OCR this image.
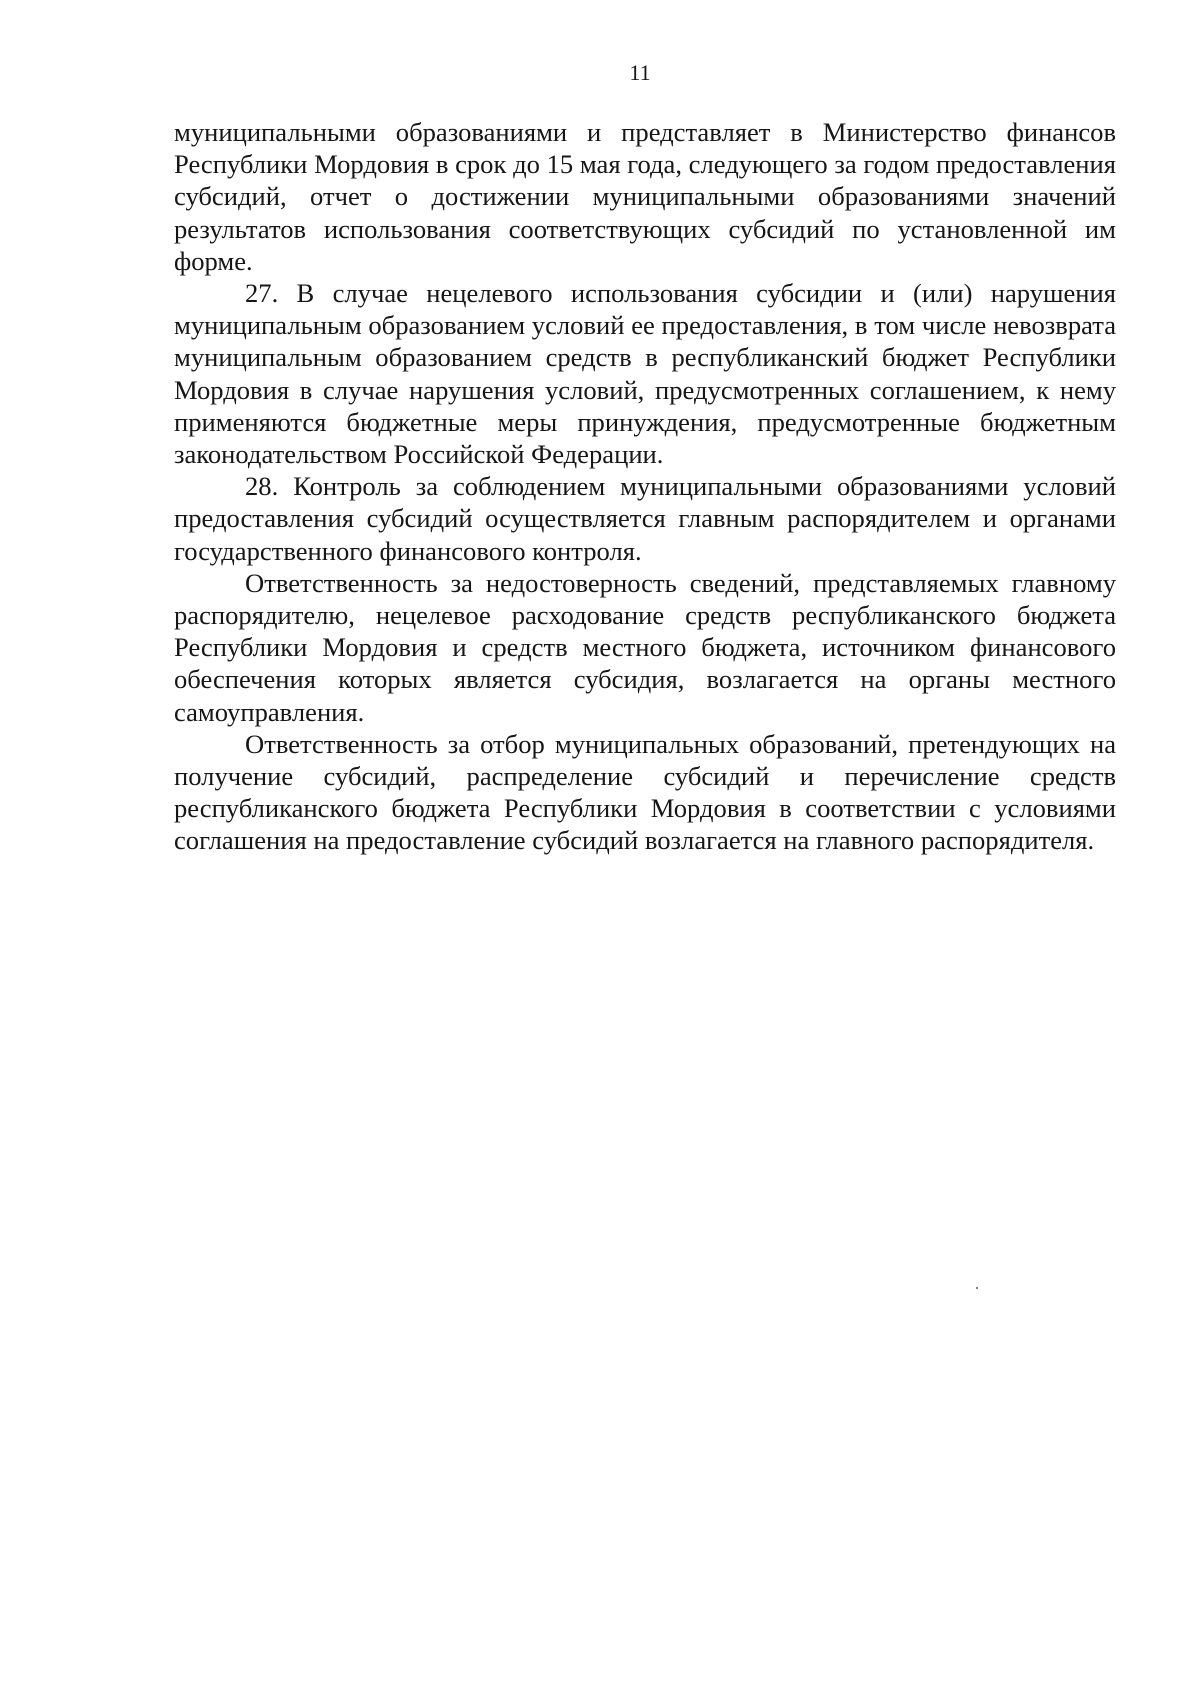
11

муниципальными образованиями и представляет в Министерство финансов Республики Мордовия в срок до 15 мая года, следующего за годом предоставления субсидий, отчет о достижении муниципальными образованиями значений результатов использования соответствующих субсидий по установленной им форме.

27. В случае нецелевого использования субсидии и (или) нарушения муниципальным образованием условий ее предоставления, в том числе невозврата муниципальным образованием средств в республиканский бюджет Республики Мордовия в случае нарушения условий, предусмотренных соглашением, к нему применяются бюджетные меры принуждения, предусмотренные бюджетным законодательством Российской Федерации.

28. Контроль за соблюдением муниципальными образованиями условий предоставления субсидий осуществляется главным распорядителем и органами государственного финансового контроля.

Ответственность за недостоверность сведений, представляемых главному распорядителю, нецелевое расходование средств республиканского бюджета Республики Мордовия и средств местного бюджета, источником финансового обеспечения которых является субсидия, возлагается на органы местного самоуправления.

Ответственность за отбор муниципальных образований, претендующих на получение субсидий, распределение субсидий и перечисление средств республиканского бюджета Республики Мордовия в соответствии с условиями соглашения на предоставление субсидий возлагается на главного распорядителя.
